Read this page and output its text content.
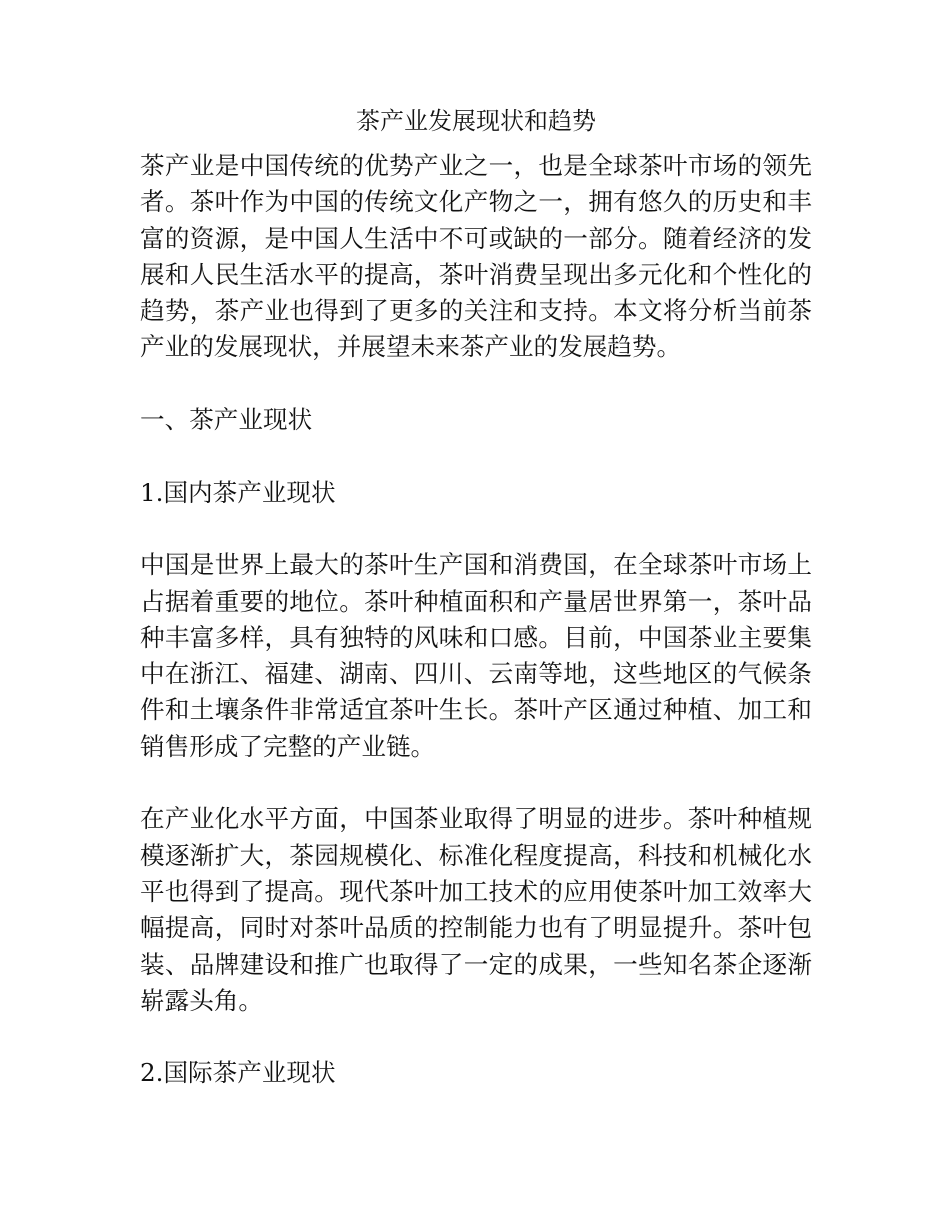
茶产业发展现状和趋势

茶产业是中国传统的优势产业之一，也是全球茶叶市场的领先者。茶叶作为中国的传统文化产物之一，拥有悠久的历史和丰富的资源，是中国人生活中不可或缺的一部分。随着经济的发展和人民生活水平的提高，茶叶消费呈现出多元化和个性化的趋势，茶产业也得到了更多的关注和支持。本文将分析当前茶产业的发展现状，并展望未来茶产业的发展趋势。

一、茶产业现状

1.国内茶产业现状

中国是世界上最大的茶叶生产国和消费国，在全球茶叶市场上占据着重要的地位。茶叶种植面积和产量居世界第一，茶叶品种丰富多样，具有独特的风味和口感。目前，中国茶业主要集中在浙江、福建、湖南、四川、云南等地，这些地区的气候条件和土壤条件非常适宜茶叶生长。茶叶产区通过种植、加工和销售形成了完整的产业链。

在产业化水平方面，中国茶业取得了明显的进步。茶叶种植规模逐渐扩大，茶园规模化、标准化程度提高，科技和机械化水平也得到了提高。现代茶叶加工技术的应用使茶叶加工效率大幅提高，同时对茶叶品质的控制能力也有了明显提升。茶叶包装、品牌建设和推广也取得了一定的成果，一些知名茶企逐渐崭露头角。

2.国际茶产业现状
